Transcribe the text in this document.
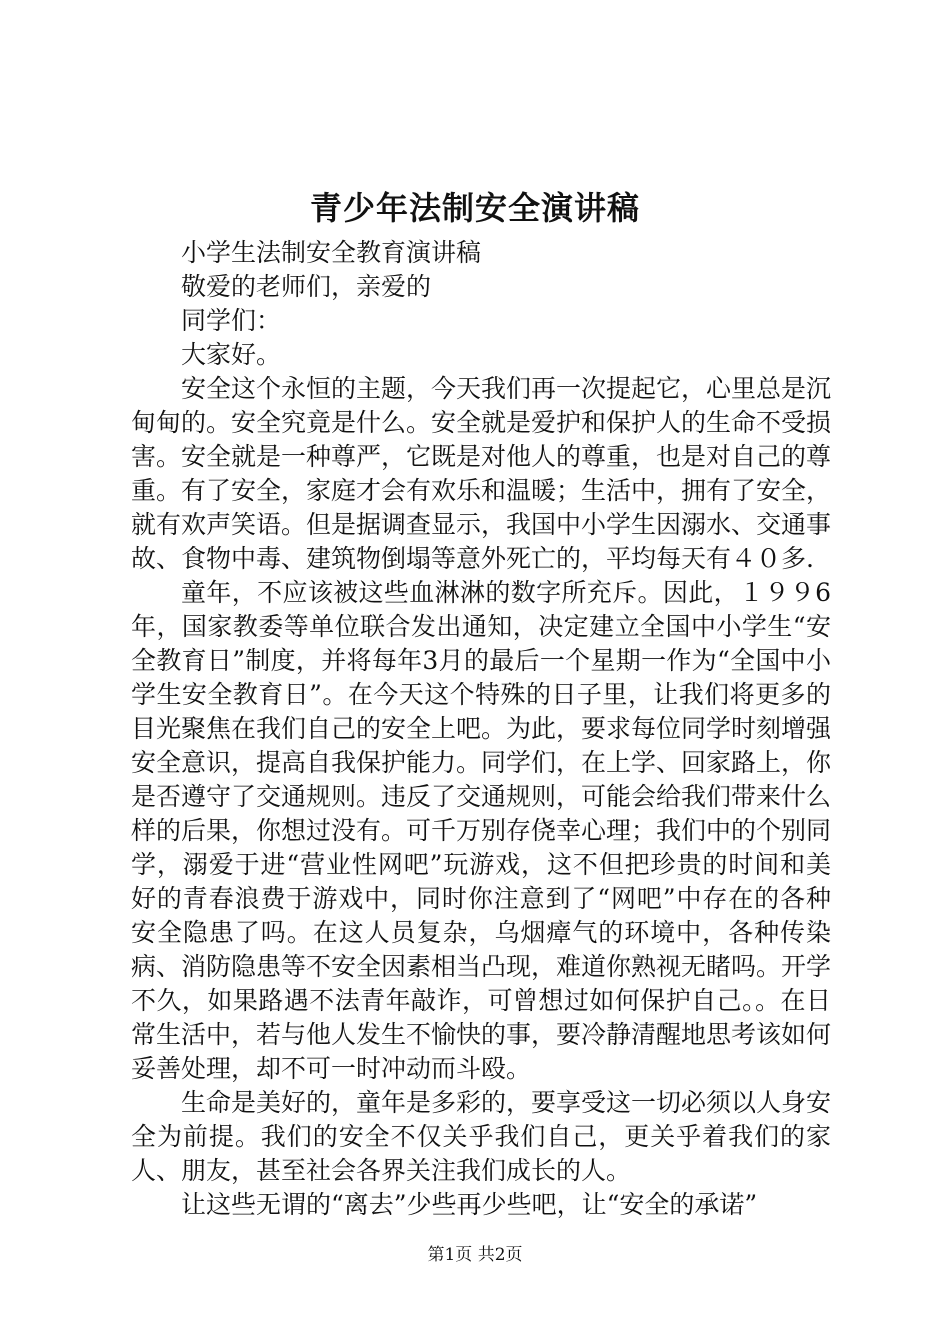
青少年法制安全演讲稿

小学生法制安全教育演讲稿

敬爱的老师们，亲爱的

同学们：

大家好。

安全这个永恒的主题，今天我们再一次提起它，心里总是沉甸甸的。安全究竟是什么。安全就是爱护和保护人的生命不受损害。安全就是一种尊严，它既是对他人的尊重，也是对自己的尊重。有了安全，家庭才会有欢乐和温暖；生活中，拥有了安全，就有欢声笑语。但是据调查显示，我国中小学生因溺水、交通事故、食物中毒、建筑物倒塌等意外死亡的，平均每天有４０多.

童年，不应该被这些血淋淋的数字所充斥。因此，１９９6年，国家教委等单位联合发出通知，决定建立全国中小学生“安全教育日”制度，并将每年3月的最后一个星期一作为“全国中小学生安全教育日”。在今天这个特殊的日子里，让我们将更多的目光聚焦在我们自己的安全上吧。为此，要求每位同学时刻增强安全意识，提高自我保护能力。同学们，在上学、回家路上，你是否遵守了交通规则。违反了交通规则，可能会给我们带来什么样的后果，你想过没有。可千万别存侥幸心理；我们中的个别同学，溺爱于进“营业性网吧”玩游戏，这不但把珍贵的时间和美好的青春浪费于游戏中，同时你注意到了“网吧”中存在的各种安全隐患了吗。在这人员复杂，乌烟瘴气的环境中，各种传染病、消防隐患等不安全因素相当凸现，难道你熟视无睹吗。开学不久，如果路遇不法青年敲诈，可曾想过如何保护自己。。在日常生活中，若与他人发生不愉快的事，要冷静清醒地思考该如何妥善处理，却不可一时冲动而斗殴。

生命是美好的，童年是多彩的，要享受这一切必须以人身安全为前提。我们的安全不仅关乎我们自己，更关乎着我们的家人、朋友，甚至社会各界关注我们成长的人。

让这些无谓的“离去”少些再少些吧，让“安全的承诺”

第1页 共2页
